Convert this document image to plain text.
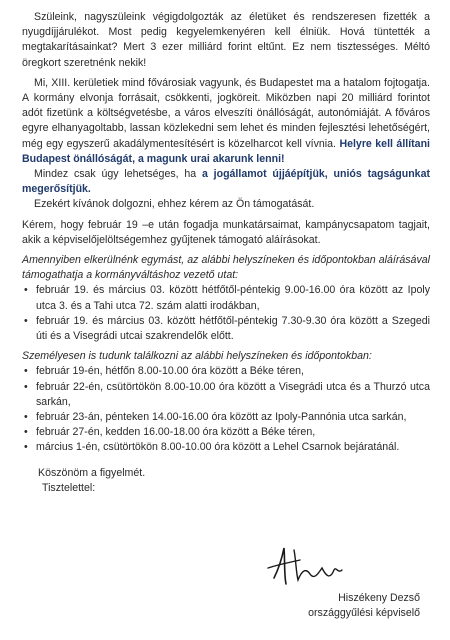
Szüleink, nagyszüleink végigdolgozták az életüket és rendszeresen fizették a nyugdíjjárulékot. Most pedig kegyelemkenyéren kell élniük. Hová tüntették a megtakarításainkat? Mert 3 ezer milliárd forint eltűnt. Ez nem tisztességes. Méltó öregkort szeretnénk nekik!

Mi, XIII. kerületiek mind fővárosiak vagyunk, és Budapestet ma a hatalom fojtogatja. A kormány elvonja forrásait, csökkenti, jogköreit. Miközben napi 20 milliárd forintot adót fizetünk a költségvetésbe, a város elveszíti önállóságát, autonómiáját. A főváros egyre elhanyagoltabb, lassan közlekedni sem lehet és minden fejlesztési lehetőségért, még egy egyszerű akadálymentesítésért is közelharcot kell vívnia. Helyre kell állítani Budapest önállóságát, a magunk urai akarunk lenni!

Mindez csak úgy lehetséges, ha a jogállamot újjáépítjük, uniós tagságunkat megerősítjük.

Ezekért kívánok dolgozni, ehhez kérem az Ön támogatását.

Kérem, hogy február 19 –e után fogadja munkatársaimat, kampánycsapatom tagjait, akik a képviselőjelöltségemhez gyűjtenek támogató aláírásokat.

Amennyiben elkerülnénk egymást, az alábbi helyszíneken és időpontokban aláírásával támogathatja a kormányváltáshoz vezető utat:

• február 19. és március 03. között hétfőtől-péntekig 9.00-16.00 óra között az Ipoly utca 3. és a Tahi utca 72. szám alatti irodákban,
• február 19. és március 03. között hétfőtől-péntekig 7.30-9.30 óra között a Szegedi úti és a Visegrádi utcai szakrendelők előtt.

Személyesen is tudunk találkozni az alábbi helyszíneken és időpontokban:

• február 19-én, hétfőn 8.00-10.00 óra között a Béke téren,
• február 22-én, csütörtökön 8.00-10.00 óra között a Visegrádi utca és a Thurzó utca sarkán,
• február 23-án, pénteken 14.00-16.00 óra között az Ipoly-Pannónia utca sarkán,
• február 27-én, kedden 16.00-18.00 óra között a Béke téren,
• március 1-én, csütörtökön 8.00-10.00 óra között a Lehel Csarnok bejáratánál.

Köszönöm a figyelmét.

Tisztelettel:

Hiszékeny Dezső
országgyűlési képviselő
